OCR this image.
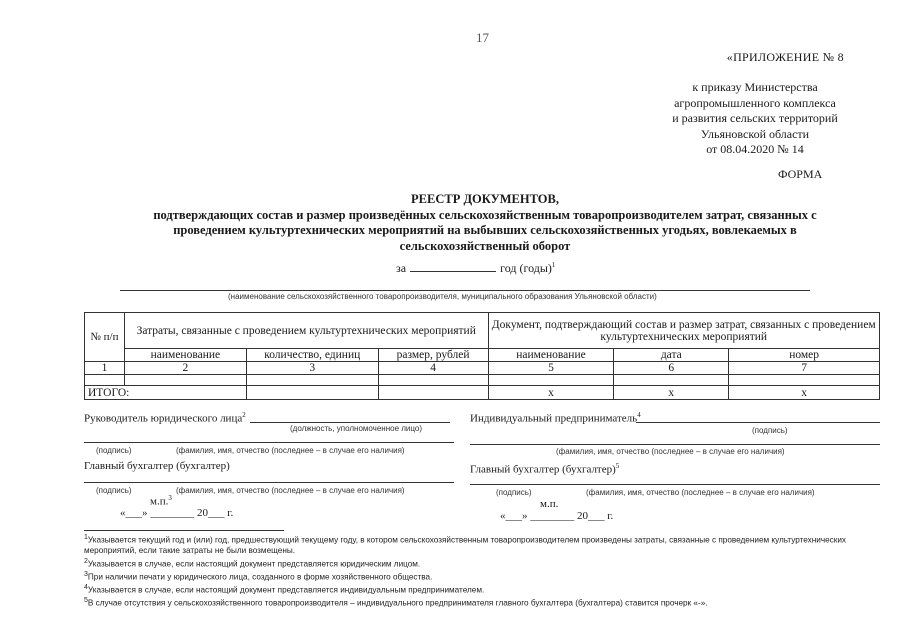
17
«ПРИЛОЖЕНИЕ № 8
к приказу Министерства
агропромышленного комплекса
и развития сельских территорий
Ульяновской области
от 08.04.2020 № 14
ФОРМА
РЕЕСТР ДОКУМЕНТОВ,
подтверждающих состав и размер произведённых сельскохозяйственным товаропроизводителем затрат, связанных с
проведением культуртехнических мероприятий на выбывших сельскохозяйственных угодьях, вовлекаемых в
сельскохозяйственный оборот
за	год (годы)$^1$
(наименование сельскохозяйственного товаропроизводителя, муниципального образования Ульяновской области)
№ п/п	Затраты, связанные с проведением культуртехнических мероприятий			Документ, подтверждающий состав и размер затрат, связанных с проведением культуртехнических мероприятий		
	наименование	количество, единиц	размер, рублей	наименование	дата	номер
1	2	3	4	5	6	7

ИТОГО:				x	x	x
Руководитель юридического лица$^2$
(должность, уполномоченное лицо)
Индивидуальный предприниматель$^4$
(подпись)
(подпись)	(фамилия, имя, отчество (последнее – в случае его наличия)	(фамилия, имя, отчество (последнее – в случае его наличия)
Главный бухгалтер (бухгалтер)	Главный бухгалтер (бухгалтер)$^5$
(подпись)	(фамилия, имя, отчество (последнее – в случае его наличия)	(подпись)	(фамилия, имя, отчество (последнее – в случае его наличия)
м.п.$^3$	м.п.
«___» ________ 20___ г.	«___» ________ 20___ г.
$^1$Указывается текущий год и (или) год, предшествующий текущему году, в котором сельскохозяйственным товаропроизводителем произведены затраты, связанные с проведением культуртехнических мероприятий, если такие затраты не были возмещены.
$^2$Указывается в случае, если настоящий документ представляется юридическим лицом.
$^3$При наличии печати у юридического лица, созданного в форме хозяйственного общества.
$^4$Указывается в случае, если настоящий документ представляется индивидуальным предпринимателем.
$^5$В случае отсутствия у сельскохозяйственного товаропроизводителя – индивидуального предпринимателя главного бухгалтера (бухгалтера) ставится прочерк «-».
